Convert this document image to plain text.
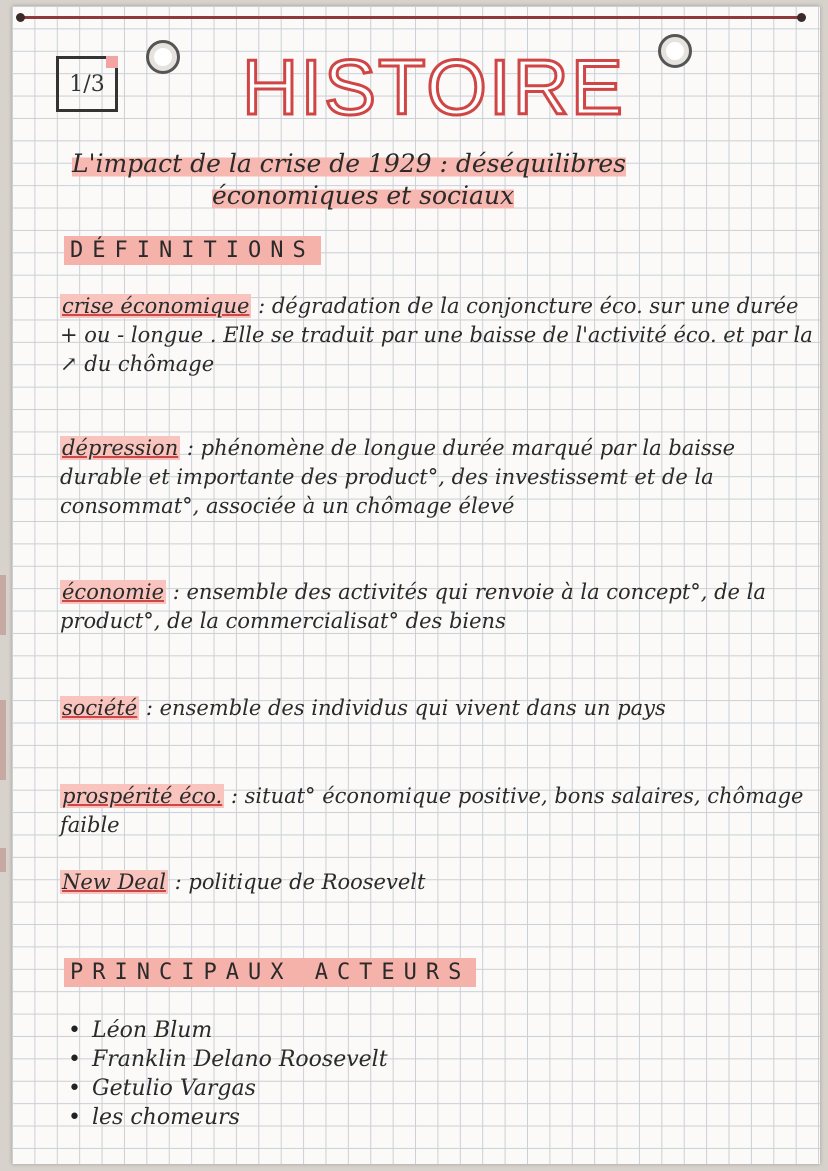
1/3 HISTOIRE
L'impact de la crise de 1929 : déséquilibres
économiques et sociaux
DÉFINITIONS
crise économique : dégradation de la conjoncture éco. sur une durée + ou - longue . Elle se traduit par une baisse de l'activité éco. et par la ↗ du chômage
dépression : phénomène de longue durée marqué par la baisse durable et importante des product°, des investissemt et de la consommat°, associée à un chômage élevé
économie : ensemble des activités qui renvoie à la concept°, de la product°, de la commercialisat° des biens
société : ensemble des individus qui vivent dans un pays
prospérité éco. : situat° économique positive, bons salaires, chômage faible
New Deal : politique de Roosevelt
PRINCIPAUX ACTEURS
• Léon Blum
• Franklin Delano Roosevelt
• Getulio Vargas
• les chomeurs
